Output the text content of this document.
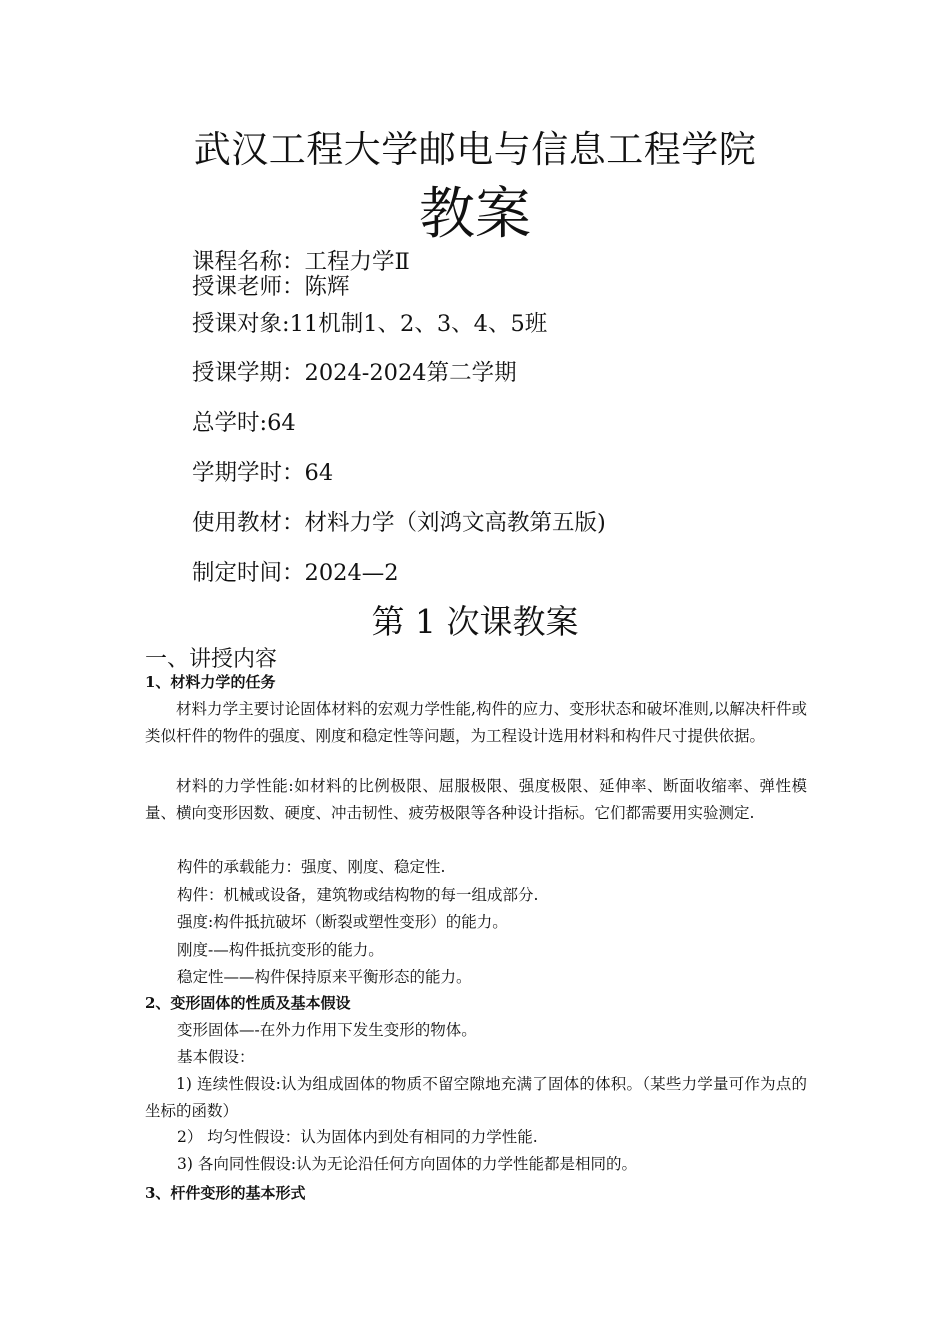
武汉工程大学邮电与信息工程学院
教案
课程名称：工程力学Ⅱ
授课老师：陈辉
授课对象:11机制1、2、3、4、5班
授课学期：2024-2024第二学期
总学时:64
学期学时：64
使用教材：材料力学（刘鸿文高教第五版)
制定时间：2024—2
第 1 次课教案
一、讲授内容
1、材料力学的任务

材料力学主要讨论固体材料的宏观力学性能,构件的应力、变形状态和破坏准则,以解决杆件或类似杆件的物件的强度、刚度和稳定性等问题，为工程设计选用材料和构件尺寸提供依据。

材料的力学性能:如材料的比例极限、屈服极限、强度极限、延伸率、断面收缩率、弹性模量、横向变形因数、硬度、冲击韧性、疲劳极限等各种设计指标。它们都需要用实验测定.

构件的承载能力：强度、刚度、稳定性.
构件：机械或设备，建筑物或结构物的每一组成部分.
强度:构件抵抗破坏（断裂或塑性变形）的能力。
刚度-—构件抵抗变形的能力。
稳定性——构件保持原来平衡形态的能力。
2、变形固体的性质及基本假设
变形固体—-在外力作用下发生变形的物体。
基本假设：

1) 连续性假设:认为组成固体的物质不留空隙地充满了固体的体积。（某些力学量可作为点的坐标的函数）

2） 均匀性假设：认为固体内到处有相同的力学性能.
3) 各向同性假设:认为无论沿任何方向固体的力学性能都是相同的。
3、杆件变形的基本形式
